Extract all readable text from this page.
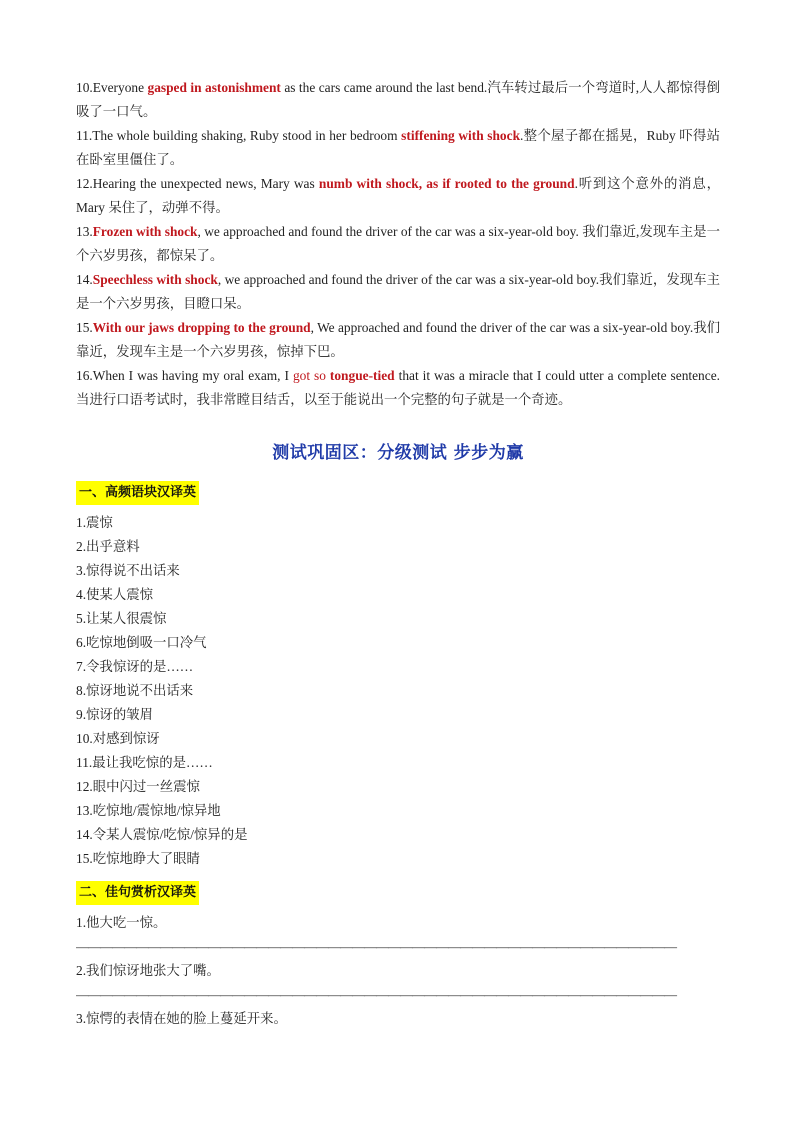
10.Everyone gasped in astonishment as the cars came around the last bend.汽车转过最后一个弯道时,人人都惊得倒吸了一口气。

11.The whole building shaking, Ruby stood in her bedroom stiffening with shock.整个屋子都在摇晃，Ruby 吓得站在卧室里僵住了。

12.Hearing the unexpected news, Mary was numb with shock, as if rooted to the ground.听到这个意外的消息，Mary 呆住了，动弹不得。

13.Frozen with shock, we approached and found the driver of the car was a six-year-old boy. 我们靠近,发现车主是一个六岁男孩，都惊呆了。

14.Speechless with shock, we approached and found the driver of the car was a six-year-old boy.我们靠近，发现车主是一个六岁男孩，目瞪口呆。

15.With our jaws dropping to the ground, We approached and found the driver of the car was a six-year-old boy.我们靠近，发现车主是一个六岁男孩，惊掉下巴。

16.When I was having my oral exam, I got so tongue-tied that it was a miracle that I could utter a complete sentence. 当进行口语考试时，我非常瞠目结舌，以至于能说出一个完整的句子就是一个奇迹。

测试巩固区：分级测试 步步为赢
一、高频语块汉译英
1.震惊
2.出乎意料
3.惊得说不出话来
4.使某人震惊
5.让某人很震惊
6.吃惊地倒吸一口冷气
7.令我惊讶的是……
8.惊讶地说不出话来
9.惊讶的皱眉
10.对感到惊讶
11.最让我吃惊的是……
12.眼中闪过一丝震惊
13.吃惊地/震惊地/惊异地
14.令某人震惊/吃惊/惊异的是
15.吃惊地睁大了眼睛
二、佳句赏析汉译英
1.他大吃一惊。
——————————————————————————————————————————————————
2.我们惊讶地张大了嘴。
——————————————————————————————————————————————————
3.惊愕的表情在她的脸上蔓延开来。
